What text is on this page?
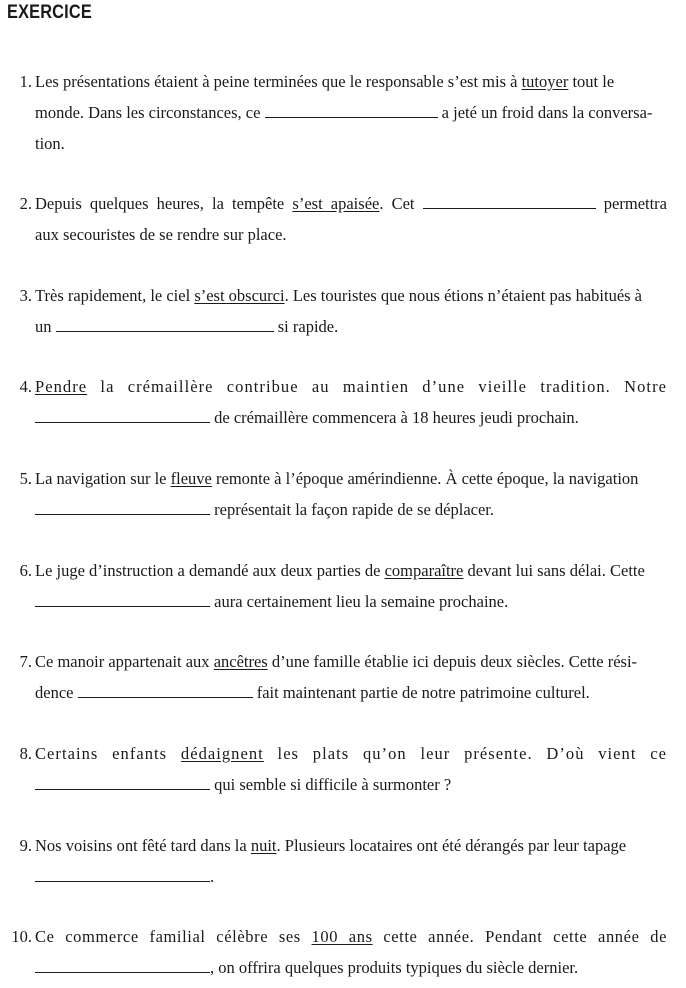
EXERCICE
1. Les présentations étaient à peine terminées que le responsable s’est mis à tutoyer tout le
monde. Dans les circonstances, ce	a jeté un froid dans la conversa-
tion.
2. Depuis quelques heures, la tempête s’est apaisée. Cet	permettra
aux secouristes de se rendre sur place.
3. Très rapidement, le ciel s’est obscurci. Les touristes que nous étions n’étaient pas habitués à
un	si rapide.
4. Pendre la crémaillère contribue au maintien d’une vieille tradition. Notre
de crémaillère commencera à 18 heures jeudi prochain.
5. La navigation sur le fleuve remonte à l’époque amérindienne. À cette époque, la navigation
représentait la façon rapide de se déplacer.
6. Le juge d’instruction a demandé aux deux parties de comparaître devant lui sans délai. Cette
aura certainement lieu la semaine prochaine.
7. Ce manoir appartenait aux ancêtres d’une famille établie ici depuis deux siècles. Cette rési-
dence	fait maintenant partie de notre patrimoine culturel.
8. Certains enfants dédaignent les plats qu’on leur présente. D’où vient ce
qui semble si difficile à surmonter ?
9. Nos voisins ont fêté tard dans la nuit. Plusieurs locataires ont été dérangés par leur tapage
.
10. Ce commerce familial célèbre ses 100 ans cette année. Pendant cette année de
, on offrira quelques produits typiques du siècle dernier.
